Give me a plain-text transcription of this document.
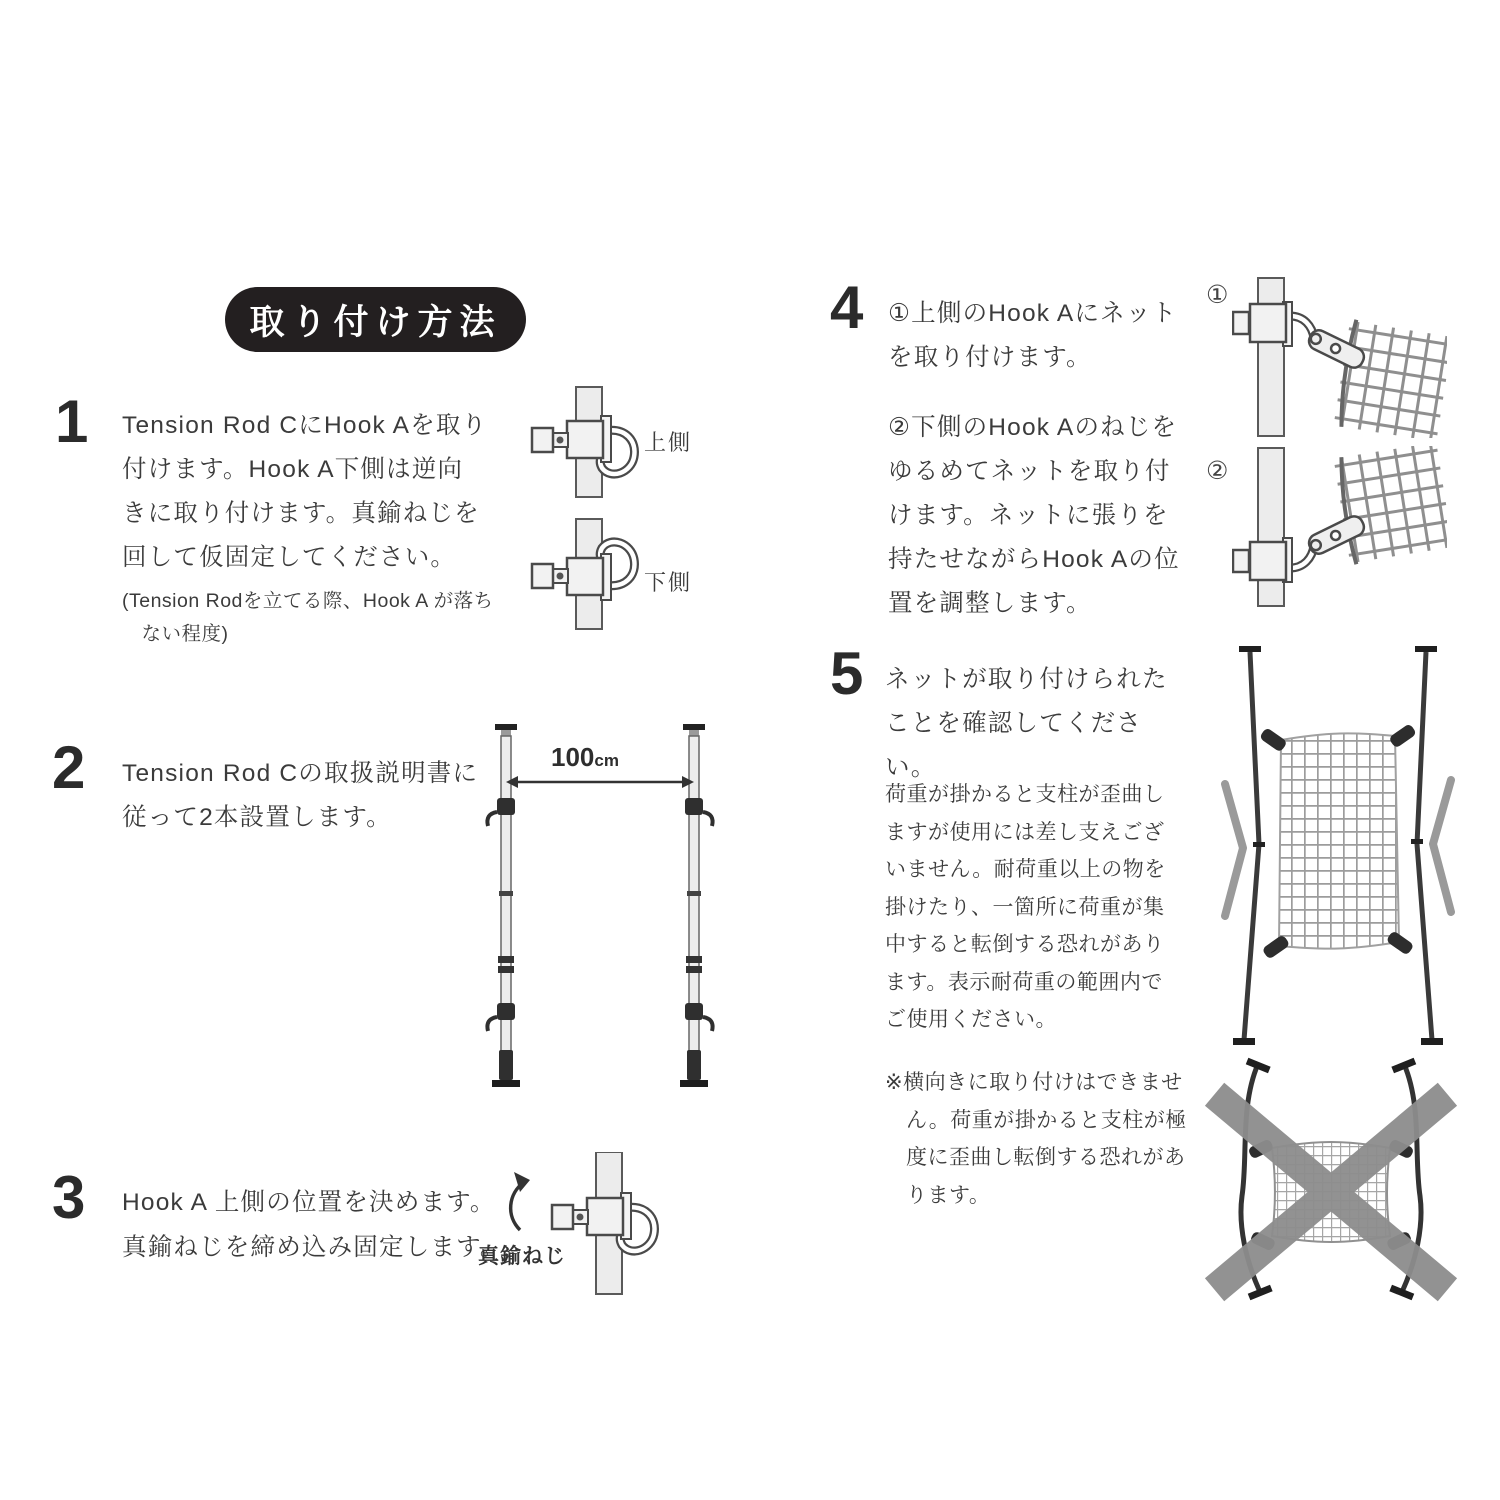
取り付け方法
1 Tension Rod CにHook Aを取り付けます。Hook A下側は逆向きに取り付けます。真鍮ねじを回して仮固定してください。
(Tension Rodを立てる際、Hook A が落ちない程度)
上側
下側
2 Tension Rod Cの取扱説明書に従って2本設置します。
100cm
3 Hook A 上側の位置を決めます。真鍮ねじを締め込み固定します。
真鍮ねじ
4 ①上側のHook Aにネットを取り付けます。
②下側のHook Aのねじをゆるめてネットを取り付けます。ネットに張りを持たせながらHook Aの位置を調整します。
①
②
5 ネットが取り付けられたことを確認してください。
荷重が掛かると支柱が歪曲しますが使用には差し支えございません。耐荷重以上の物を掛けたり、一箇所に荷重が集中すると転倒する恐れがあります。表示耐荷重の範囲内でご使用ください。
※横向きに取り付けはできません。荷重が掛かると支柱が極度に歪曲し転倒する恐れがあります。
